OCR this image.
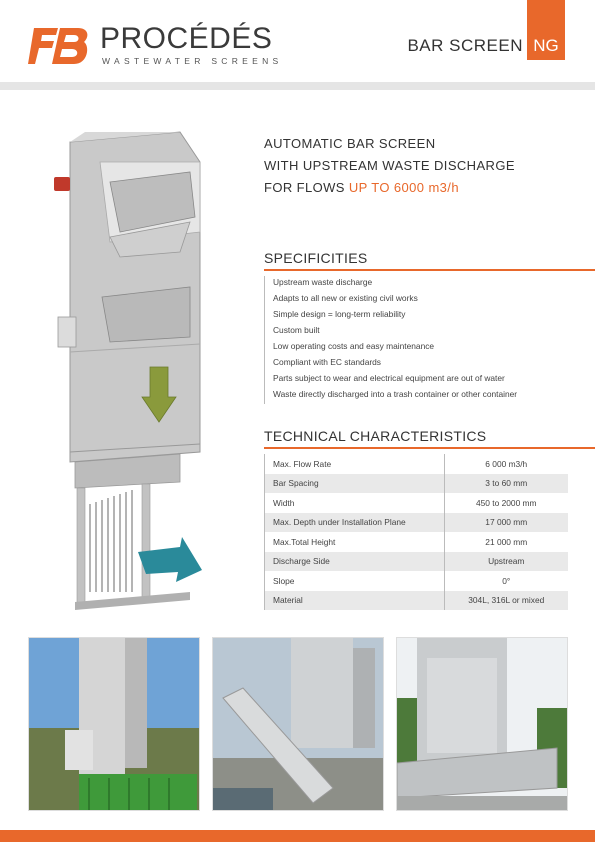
PROCÉDÉS
WASTEWATER SCREENS
BAR SCREEN NG
AUTOMATIC BAR SCREEN
WITH UPSTREAM WASTE DISCHARGE
FOR FLOWS UP TO 6000 m3/h
SPECIFICITIES
Upstream waste discharge
Adapts to all new or existing civil works
Simple design = long-term reliability
Custom built
Low operating costs and easy maintenance
Compliant with EC standards
Parts subject to wear and electrical equipment are out of water
Waste directly discharged into a trash container or other container
TECHNICAL CHARACTERISTICS
Max. Flow Rate	6 000 m3/h
Bar Spacing	3 to 60 mm
Width	450 to 2000 mm
Max. Depth under Installation Plane	17 000 mm
Max.Total Height	21 000 mm
Discharge Side	Upstream
Slope	0°
Material	304L, 316L or mixed
